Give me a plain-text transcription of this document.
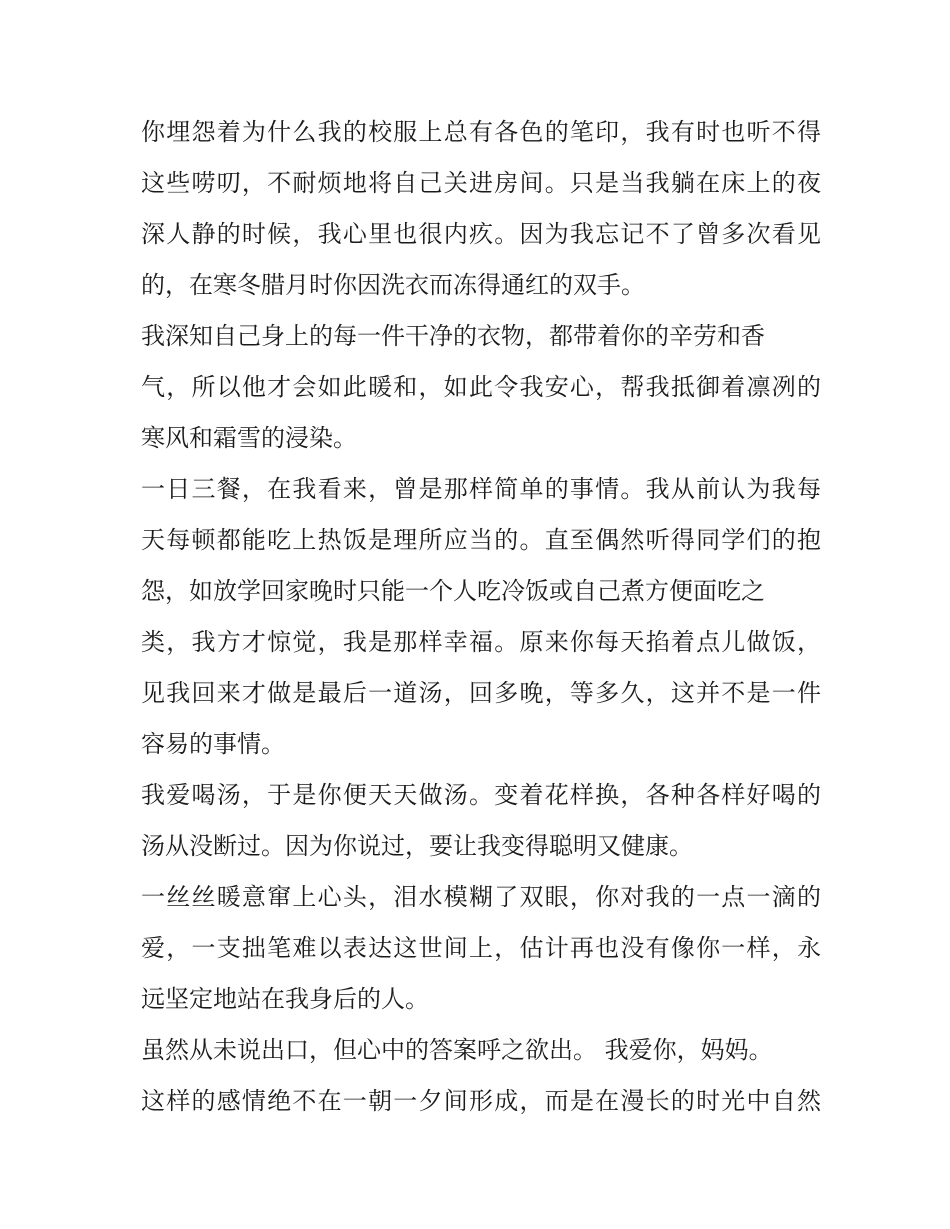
你埋怨着为什么我的校服上总有各色的笔印，我有时也听不得
这些唠叨，不耐烦地将自己关进房间。只是当我躺在床上的夜
深人静的时候，我心里也很内疚。因为我忘记不了曾多次看见
的，在寒冬腊月时你因洗衣而冻得通红的双手。
我深知自己身上的每一件干净的衣物，都带着你的辛劳和香
气，所以他才会如此暖和，如此令我安心，帮我抵御着凛冽的
寒风和霜雪的浸染。
一日三餐，在我看来，曾是那样简单的事情。我从前认为我每
天每顿都能吃上热饭是理所应当的。直至偶然听得同学们的抱
怨，如放学回家晚时只能一个人吃冷饭或自己煮方便面吃之
类，我方才惊觉，我是那样幸福。原来你每天掐着点儿做饭，
见我回来才做是最后一道汤，回多晚，等多久，这并不是一件
容易的事情。
我爱喝汤，于是你便天天做汤。变着花样换，各种各样好喝的
汤从没断过。因为你说过，要让我变得聪明又健康。
一丝丝暖意窜上心头，泪水模糊了双眼，你对我的一点一滴的
爱，一支拙笔难以表达这世间上，估计再也没有像你一样，永
远坚定地站在我身后的人。
虽然从未说出口，但心中的答案呼之欲出。 我爱你，妈妈。
这样的感情绝不在一朝一夕间形成，而是在漫长的时光中自然
